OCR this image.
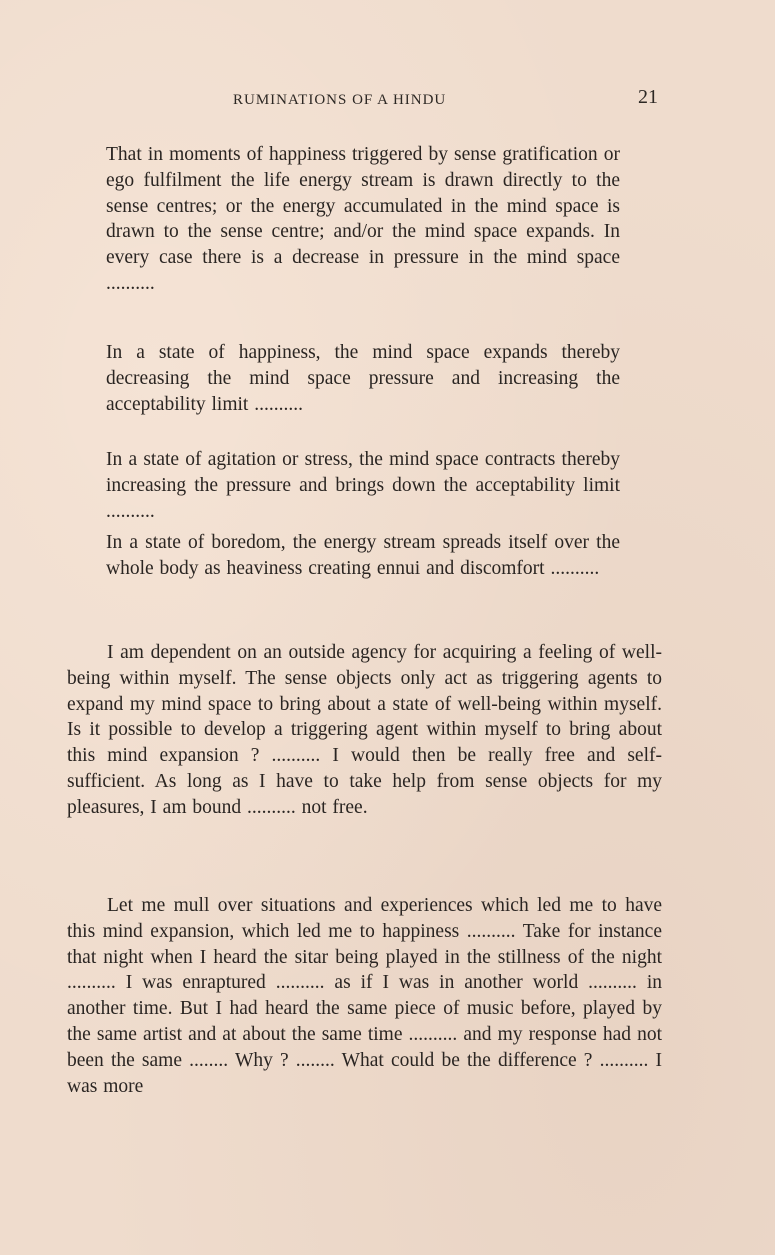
RUMINATIONS OF A HINDU	21

That in moments of happiness triggered by sense gratification or ego fulfilment the life energy stream is drawn directly to the sense centres; or the energy accumulated in the mind space is drawn to the sense centre; and/or the mind space expands. In every case there is a decrease in pressure in the mind space ..........

In a state of happiness, the mind space expands thereby decreasing the mind space pressure and increasing the acceptability limit ..........

In a state of agitation or stress, the mind space contracts thereby increasing the pressure and brings down the acceptability limit ..........

In a state of boredom, the energy stream spreads itself over the whole body as heaviness creating ennui and discomfort ..........

I am dependent on an outside agency for acquiring a feeling of well-being within myself. The sense objects only act as triggering agents to expand my mind space to bring about a state of well-being within myself. Is it possible to develop a triggering agent within myself to bring about this mind expansion ? .......... I would then be really free and self-sufficient. As long as I have to take help from sense objects for my pleasures, I am bound .......... not free.

Let me mull over situations and experiences which led me to have this mind expansion, which led me to happiness .......... Take for instance that night when I heard the sitar being played in the stillness of the night .......... I was enraptured .......... as if I was in another world .......... in another time. But I had heard the same piece of music before, played by the same artist and at about the same time .......... and my response had not been the same ........ Why ? ........ What could be the difference ? .......... I was more
